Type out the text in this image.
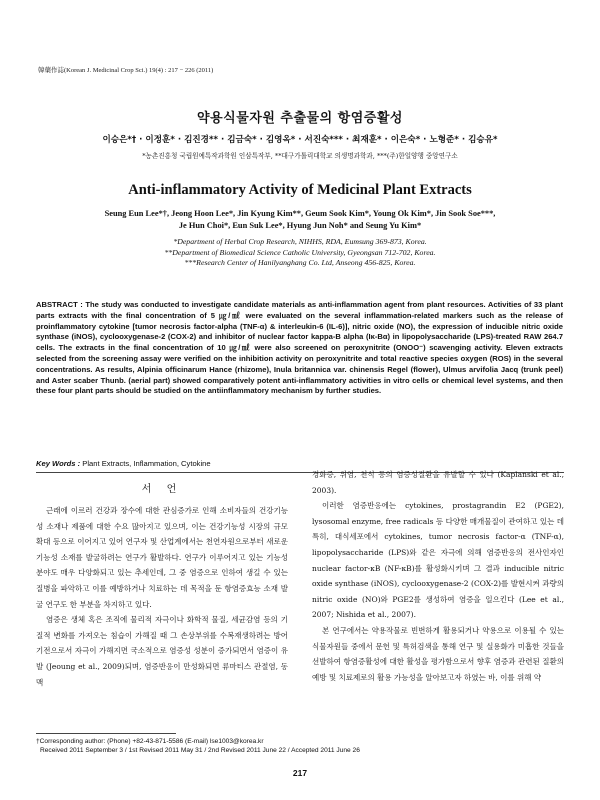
韓藥作誌(Korean J. Medicinal Crop Sci.) 19(4) : 217 − 226 (2011)
약용식물자원 추출물의 항염증활성
이승은*† · 이정훈* · 김진경** · 김금숙* · 김영옥* · 서진숙*** · 최재훈* · 이은숙* · 노형준* · 김승유*
*농촌진흥청 국립원예특작과학원 인삼특작부, **대구가톨릭대학교 의생명과학과, ***(주)한일양행 중앙연구소
Anti-inflammatory Activity of Medicinal Plant Extracts
Seung Eun Lee*†, Jeong Hoon Lee*, Jin Kyung Kim**, Geum Sook Kim*, Young Ok Kim*, Jin Sook Soe***,
Je Hun Choi*, Eun Suk Lee*, Hyung Jun Noh* and Seung Yu Kim*
*Department of Herbal Crop Research, NIHHS, RDA, Eumsung 369-873, Korea.
**Department of Biomedical Science Catholic University, Gyeongsan 712-702, Korea.
***Research Center of Hanilyanghang Co. Ltd, Anseong 456-825, Korea.
ABSTRACT : The study was conducted to investigate candidate materials as anti-inflammation agent from plant resources. Activities of 33 plant parts extracts with the final concentration of 5 ㎍/㎖ were evaluated on the several inflammation-related markers such as the release of proinflammatory cytokine [tumor necrosis factor-alpha (TNF-α) & interleukin-6 (IL-6)], nitric oxide (NO), the expression of inducible nitric oxide synthase (iNOS), cyclooxygenase-2 (COX-2) and inhibitor of nuclear factor kappa-B alpha (Iκ-Bα) in lipopolysaccharide (LPS)-treated RAW 264.7 cells. The extracts in the final concentration of 10 ㎍/㎖ were also screened on peroxynitrite (ONOO⁻) scavenging activity. Eleven extracts selected from the screening assay were verified on the inhibition activity on peroxynitrite and total reactive species oxygen (ROS) in the several concentrations. As results, Alpinia officinarum Hance (rhizome), Inula britannica var. chinensis Regel (flower), Ulmus arvifolia Jacq (trunk peel) and Aster scaber Thunb. (aerial part) showed comparatively potent anti-inflammatory activities in vitro cells or chemical level systems, and then these four plant parts should be studied on the antiinflammatory mechanism by further studies.
Key Words : Plant Extracts, Inflammation, Cytokine
서 언

근래에 이르러 건강과 장수에 대한 관심증가로 인해 소비자들의 건강기능성 소재나 제품에 대한 수요 많아지고 있으며, 이는 건강기능성 시장의 규모 확대 등으로 이어지고 있어 연구자 및 산업계에서는 천연자원으로부터 새로운 기능성 소재를 발굴하려는 연구가 활발하다. 연구가 이루어지고 있는 기능성분야도 매우 다양화되고 있는 추세인데, 그 중 염증으로 인하여 생길 수 있는 질병을 파악하고 이를 예방하거나 치료하는 데 목적을 둔 항염증효능 소재 발굴 연구도 한 부분을 차지하고 있다.

염증은 생체 혹은 조직에 물리적 자극이나 화학적 물질, 세균감염 등의 기질적 변화를 가져오는 침습이 가해질 때 그 손상부위를 수복재생하려는 방어기전으로서 자극이 가해지면 국소적으로 염증성 성분이 증가되면서 염증이 유발 (Jeoung et al., 2009)되며, 염증반응이 만성화되면 류마티스 관절염, 동맥

경화증, 위염, 천식 등의 염증성질환을 유발할 수 있다 (Kaplanski et al., 2003).

이러한 염증반응에는 cytokines, prostagrandin E2 (PGE2), lysosomal enzyme, free radicals 등 다양한 매개물질이 관여하고 있는 데 특히, 대식세포에서 cytokines, tumor necrosis factor-α (TNF-α), lipopolysaccharide (LPS)와 같은 자극에 의해 염증반응의 전사인자인 nuclear factor-κB (NF-κB)를 활성화시키며 그 결과 inducible nitric oxide synthase (iNOS), cyclooxygenase-2 (COX-2)를 발현시켜 과량의 nitric oxide (NO)와 PGE2를 생성하여 염증을 일으킨다 (Lee et al., 2007; Nishida et al., 2007).

본 연구에서는 약용작물로 빈번하게 활용되거나 약용으로 이용될 수 있는 식물자원들 중에서 문헌 및 특허검색을 통해 연구 및 실용화가 미흡한 것들을 선발하여 항염증활성에 대한 활성을 평가함으로서 향후 염증과 관련된 질환의 예방 및 치료제로의 활용 가능성을 알아보고자 하였는 바, 이를 위해 약

†Corresponding author: (Phone) +82-43-871-5586 (E-mail) lse1003@korea.kr
Received 2011 September 3 / 1st Revised 2011 May 31 / 2nd Revised 2011 June 22 / Accepted 2011 June 26
217
